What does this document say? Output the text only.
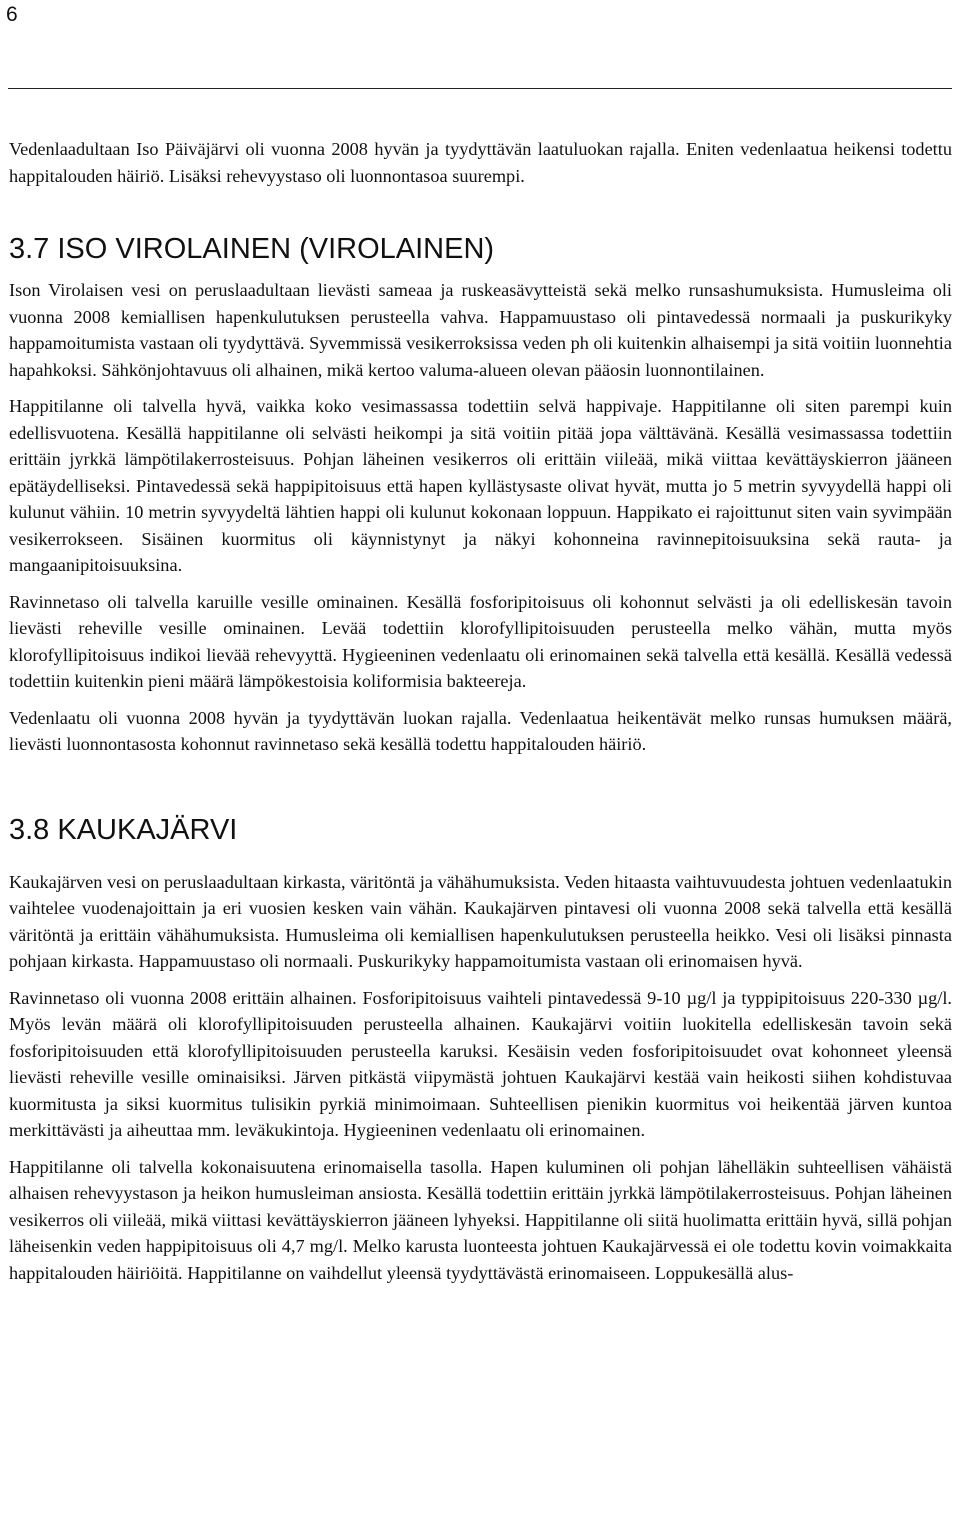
6

Vedenlaadultaan Iso Päiväjärvi oli vuonna 2008 hyvän ja tyydyttävän laatuluokan rajalla. Eniten vedenlaatua heikensi todettu happitalouden häiriö. Lisäksi rehevyystaso oli luonnontasoa suurempi.

3.7 ISO VIROLAINEN (VIROLAINEN)

Ison Virolaisen vesi on peruslaadultaan lievästi sameaa ja ruskeasävytteistä sekä melko runsashumuksista. Humusleima oli vuonna 2008 kemiallisen hapenkulutuksen perusteella vahva. Happamuustaso oli pintavedessä normaali ja puskurikyky happamoitumista vastaan oli tyydyttävä. Syvemmissä vesikerroksissa veden ph oli kuitenkin alhaisempi ja sitä voitiin luonnehtia hapahkoksi. Sähkönjohtavuus oli alhainen, mikä kertoo valuma-alueen olevan pääosin luonnontilainen.

Happitilanne oli talvella hyvä, vaikka koko vesimassassa todettiin selvä happivaje. Happitilanne oli siten parempi kuin edellisvuotena. Kesällä happitilanne oli selvästi heikompi ja sitä voitiin pitää jopa välttävänä. Kesällä vesimassassa todettiin erittäin jyrkkä lämpötilakerrosteisuus. Pohjan läheinen vesikerros oli erittäin viileää, mikä viittaa kevättäyskierron jääneen epätäydelliseksi. Pintavedessä sekä happipitoisuus että hapen kyllästysaste olivat hyvät, mutta jo 5 metrin syvyydellä happi oli kulunut vähiin. 10 metrin syvyydeltä lähtien happi oli kulunut kokonaan loppuun. Happikato ei rajoittunut siten vain syvimpään vesikerrokseen. Sisäinen kuormitus oli käynnistynyt ja näkyi kohonneina ravinnepitoisuuksina sekä rauta- ja mangaanipitoisuuksina.

Ravinnetaso oli talvella karuille vesille ominainen. Kesällä fosforipitoisuus oli kohonnut selvästi ja oli edelliskesän tavoin lievästi reheville vesille ominainen. Levää todettiin klorofyllipitoisuuden perusteella melko vähän, mutta myös klorofyllipitoisuus indikoi lievää rehevyyttä. Hygieeninen vedenlaatu oli erinomainen sekä talvella että kesällä. Kesällä vedessä todettiin kuitenkin pieni määrä lämpökestoisia koliformisia bakteereja.

Vedenlaatu oli vuonna 2008 hyvän ja tyydyttävän luokan rajalla. Vedenlaatua heikentävät melko runsas humuksen määrä, lievästi luonnontasosta kohonnut ravinnetaso sekä kesällä todettu happitalouden häiriö.

3.8 KAUKAJÄRVI

Kaukajärven vesi on peruslaadultaan kirkasta, väritöntä ja vähähumuksista. Veden hitaasta vaihtuvuudesta johtuen vedenlaatukin vaihtelee vuodenajoittain ja eri vuosien kesken vain vähän. Kaukajärven pintavesi oli vuonna 2008 sekä talvella että kesällä väritöntä ja erittäin vähähumuksista. Humusleima oli kemiallisen hapenkulutuksen perusteella heikko. Vesi oli lisäksi pinnasta pohjaan kirkasta. Happamuustaso oli normaali. Puskurikyky happamoitumista vastaan oli erinomaisen hyvä.

Ravinnetaso oli vuonna 2008 erittäin alhainen. Fosforipitoisuus vaihteli pintavedessä 9-10 µg/l ja typpipitoisuus 220-330 µg/l. Myös levän määrä oli klorofyllipitoisuuden perusteella alhainen. Kaukajärvi voitiin luokitella edelliskesän tavoin sekä fosforipitoisuuden että klorofyllipitoisuuden perusteella karuksi. Kesäisin veden fosforipitoisuudet ovat kohonneet yleensä lievästi reheville vesille ominaisiksi. Järven pitkästä viipymästä johtuen Kaukajärvi kestää vain heikosti siihen kohdistuvaa kuormitusta ja siksi kuormitus tulisikin pyrkiä minimoimaan. Suhteellisen pienikin kuormitus voi heikentää järven kuntoa merkittävästi ja aiheuttaa mm. leväkukintoja. Hygieeninen vedenlaatu oli erinomainen.

Happitilanne oli talvella kokonaisuutena erinomaisella tasolla. Hapen kuluminen oli pohjan lähelläkin suhteellisen vähäistä alhaisen rehevyystason ja heikon humusleiman ansiosta. Kesällä todettiin erittäin jyrkkä lämpötilakerrosteisuus. Pohjan läheinen vesikerros oli viileää, mikä viittasi kevättäyskierron jääneen lyhyeksi. Happitilanne oli siitä huolimatta erittäin hyvä, sillä pohjan läheisenkin veden happipitoisuus oli 4,7 mg/l. Melko karusta luonteesta johtuen Kaukajärvessä ei ole todettu kovin voimakkaita happitalouden häiriöitä. Happitilanne on vaihdellut yleensä tyydyttävästä erinomaiseen. Loppukesällä alus-
